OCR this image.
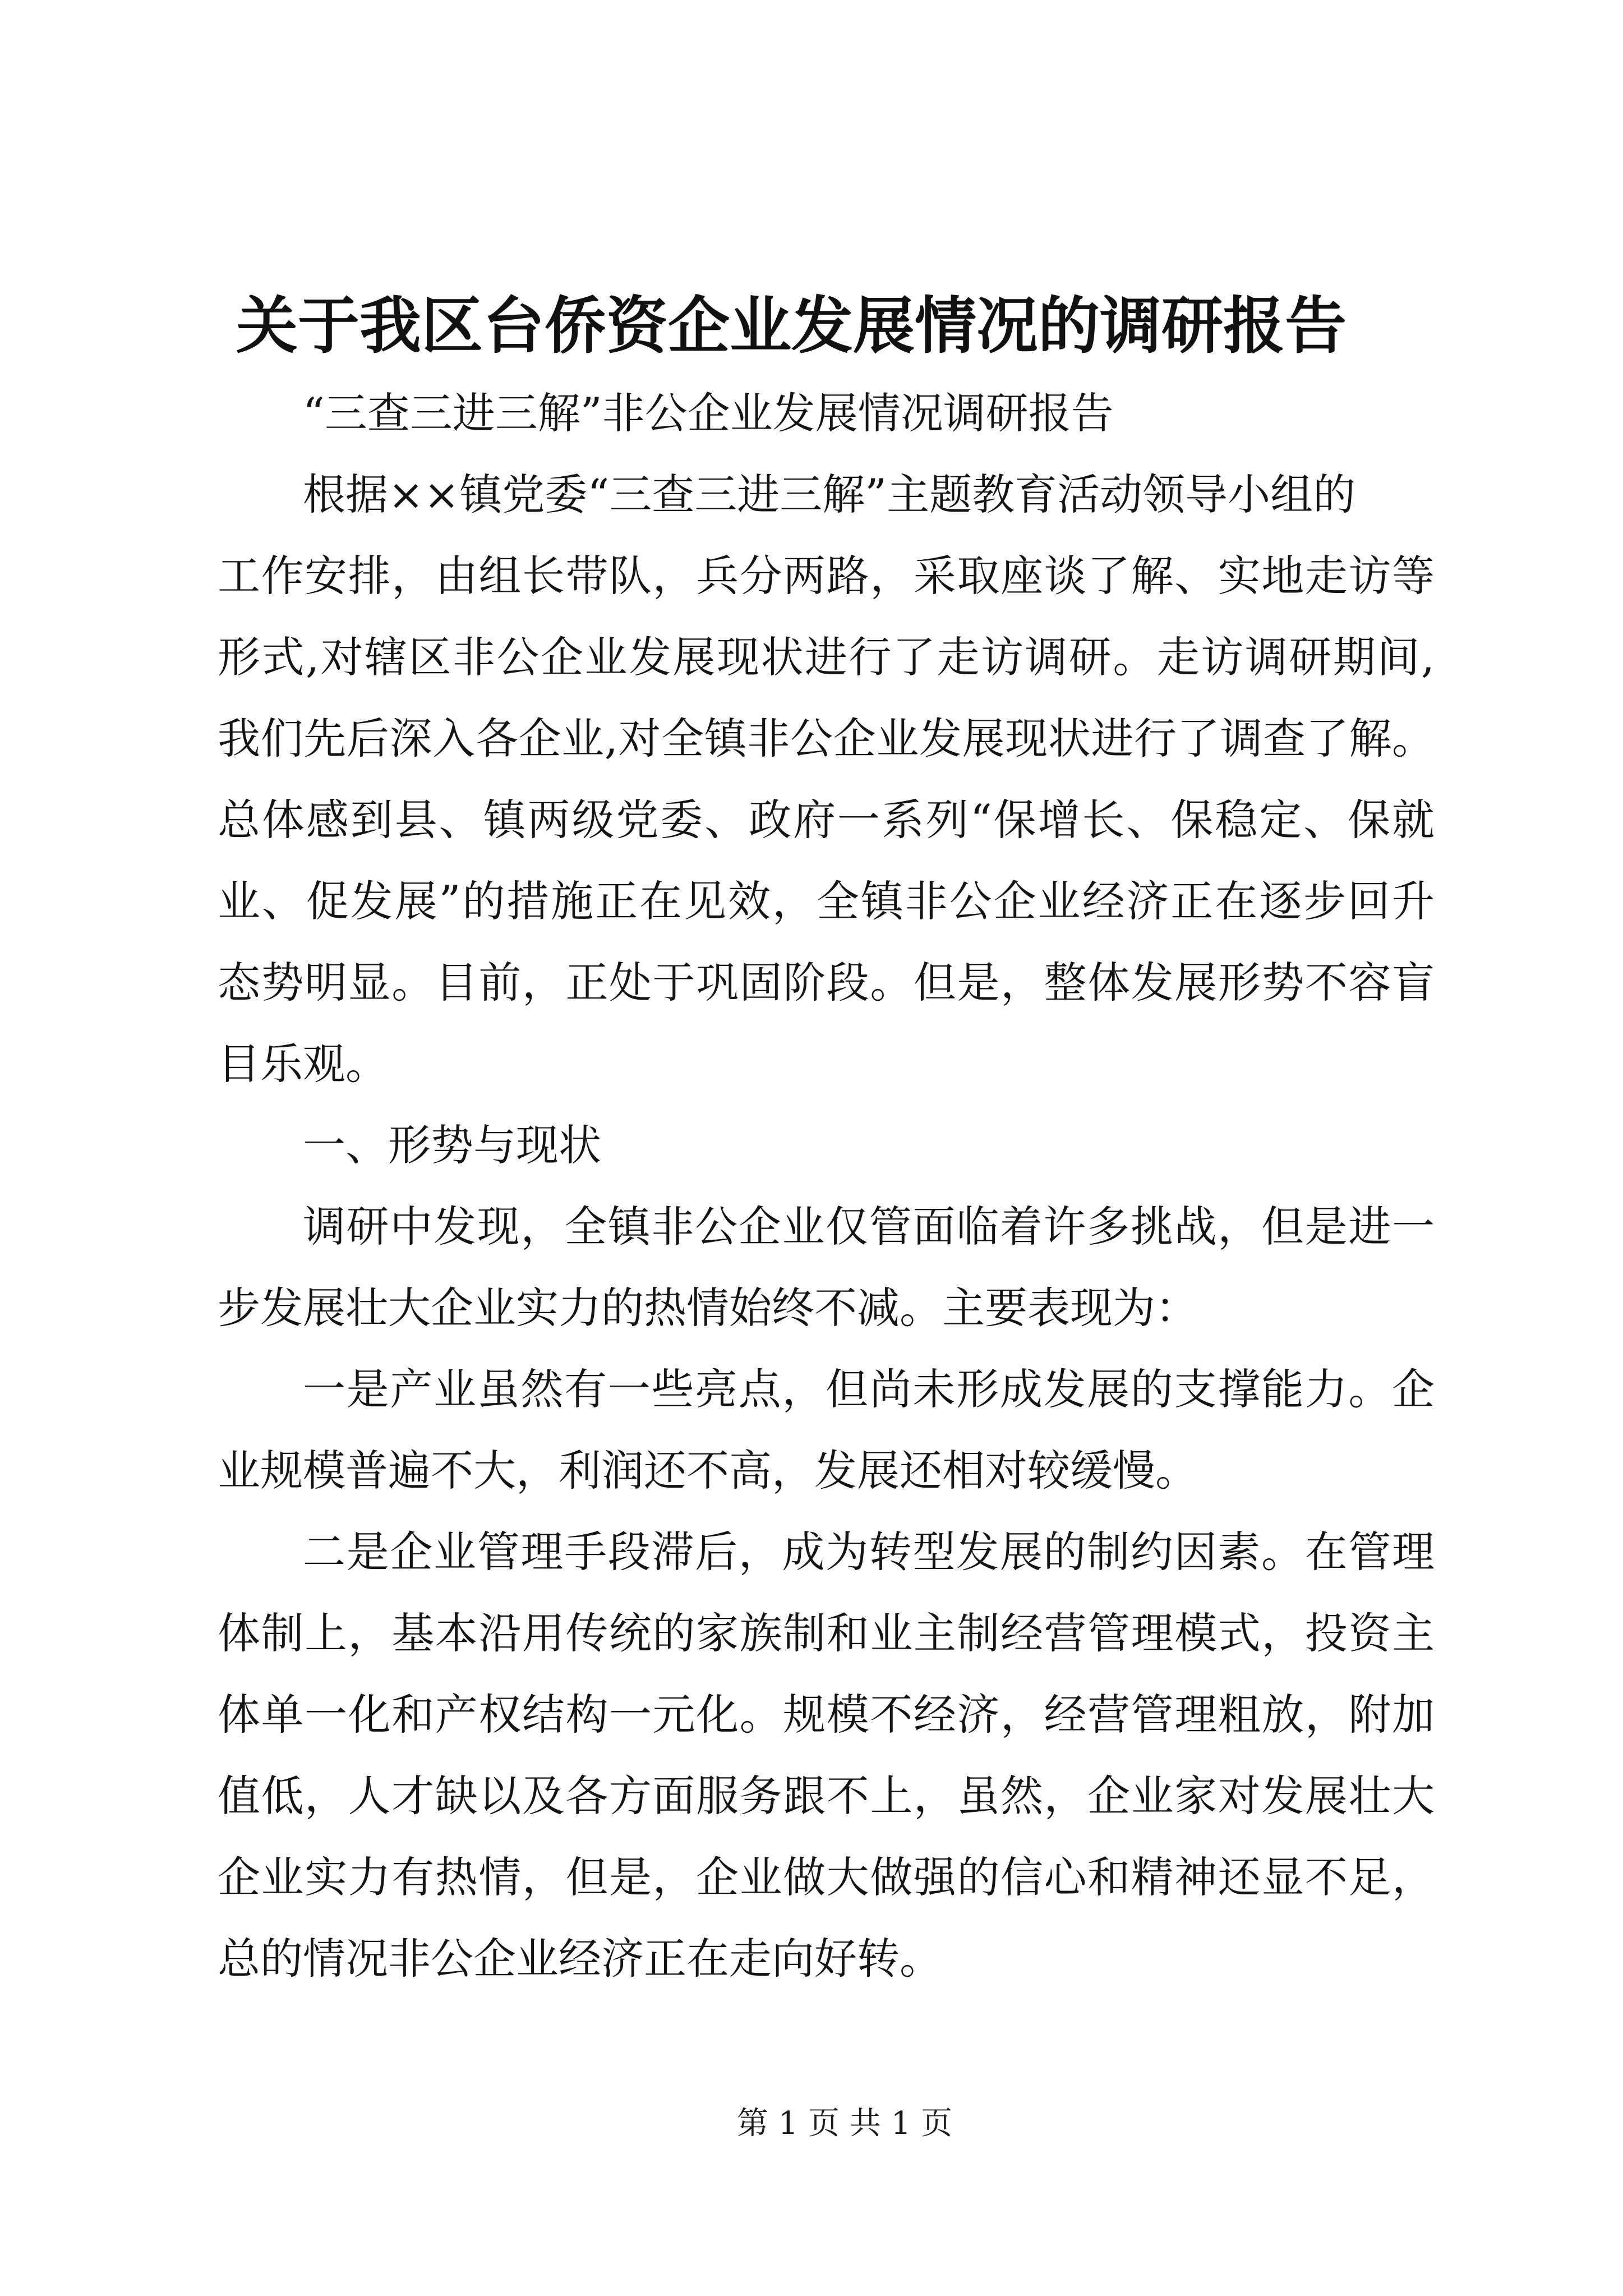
关于我区台侨资企业发展情况的调研报告
“三查三进三解”非公企业发展情况调研报告
根据××镇党委“三查三进三解”主题教育活动领导小组的
工作安排，由组长带队，兵分两路，采取座谈了解、实地走访等
形式,对辖区非公企业发展现状进行了走访调研。走访调研期间,
我们先后深入各企业,对全镇非公企业发展现状进行了调查了解。
总体感到县、镇两级党委、政府一系列“保增长、保稳定、保就
业、促发展”的措施正在见效，全镇非公企业经济正在逐步回升
态势明显。目前，正处于巩固阶段。但是，整体发展形势不容盲
目乐观。
一、形势与现状
调研中发现，全镇非公企业仅管面临着许多挑战，但是进一
步发展壮大企业实力的热情始终不减。主要表现为：
一是产业虽然有一些亮点，但尚未形成发展的支撑能力。企
业规模普遍不大，利润还不高，发展还相对较缓慢。
二是企业管理手段滞后，成为转型发展的制约因素。在管理
体制上，基本沿用传统的家族制和业主制经营管理模式，投资主
体单一化和产权结构一元化。规模不经济，经营管理粗放，附加
值低，人才缺以及各方面服务跟不上，虽然，企业家对发展壮大
企业实力有热情，但是，企业做大做强的信心和精神还显不足，
总的情况非公企业经济正在走向好转。
第 1 页 共 1 页
